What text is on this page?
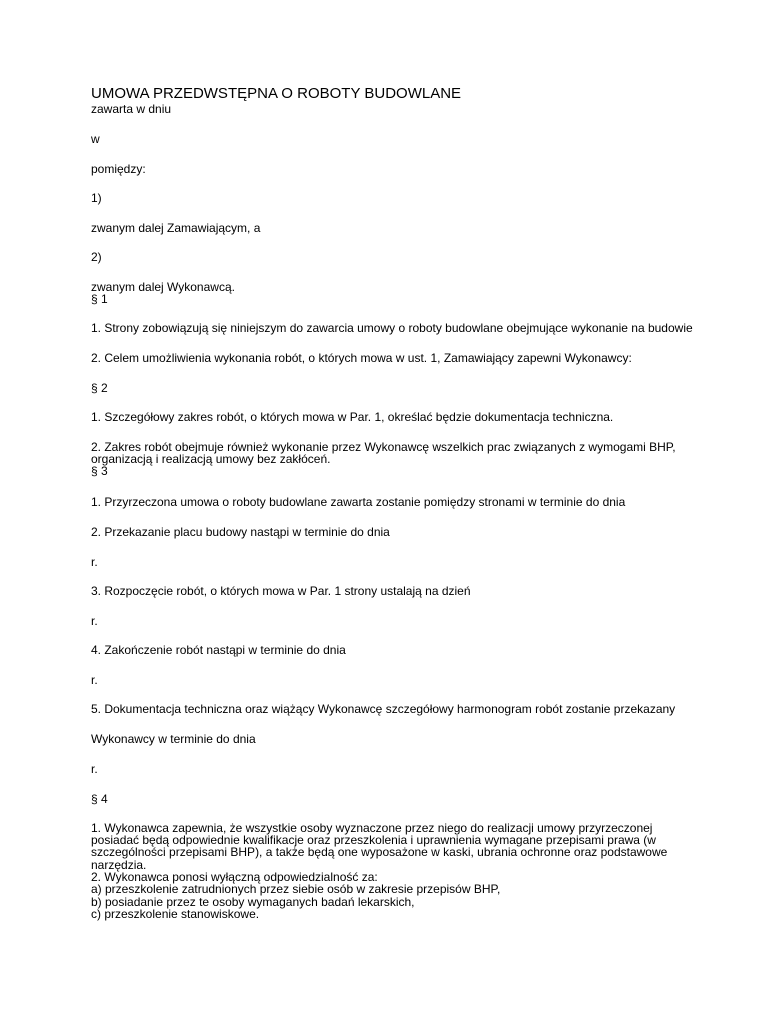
UMOWA PRZEDWSTĘPNA O ROBOTY BUDOWLANE

zawarta w dniu

w

pomiędzy:

1)

zwanym dalej Zamawiającym, a

2)

zwanym dalej Wykonawcą.

§ 1

1. Strony zobowiązują się niniejszym do zawarcia umowy o roboty budowlane obejmujące wykonanie na budowie

2. Celem umożliwienia wykonania robót, o których mowa w ust. 1, Zamawiający zapewni Wykonawcy:

§ 2

1. Szczegółowy zakres robót, o których mowa w Par. 1, określać będzie dokumentacja techniczna.

2. Zakres robót obejmuje również wykonanie przez Wykonawcę wszelkich prac związanych z wymogami BHP,

organizacją i realizacją umowy bez zakłóceń.

§ 3

1. Przyrzeczona umowa o roboty budowlane zawarta zostanie pomiędzy stronami w terminie do dnia

2. Przekazanie placu budowy nastąpi w terminie do dnia

r.

3. Rozpoczęcie robót, o których mowa w Par. 1 strony ustalają na dzień

r.

4. Zakończenie robót nastąpi w terminie do dnia

r.

5. Dokumentacja techniczna oraz wiążący Wykonawcę szczegółowy harmonogram robót zostanie przekazany

Wykonawcy w terminie do dnia

r.

§ 4

1. Wykonawca zapewnia, że wszystkie osoby wyznaczone przez niego do realizacji umowy przyrzeczonej

posiadać będą odpowiednie kwalifikacje oraz przeszkolenia i uprawnienia wymagane przepisami prawa (w

szczególności przepisami BHP), a także będą one wyposażone w kaski, ubrania ochronne oraz podstawowe

narzędzia.

2. Wykonawca ponosi wyłączną odpowiedzialność za:

a) przeszkolenie zatrudnionych przez siebie osób w zakresie przepisów BHP,

b) posiadanie przez te osoby wymaganych badań lekarskich,

c) przeszkolenie stanowiskowe.
